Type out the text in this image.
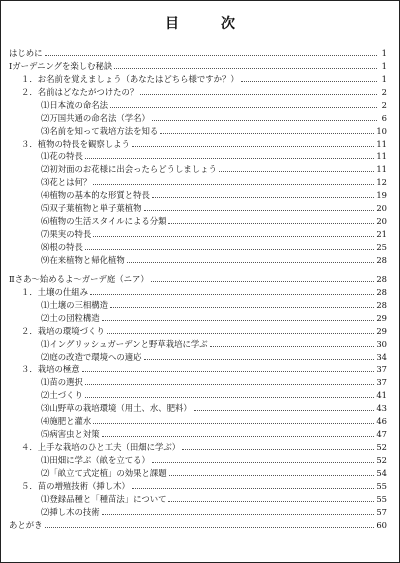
目　次
はじめに	1
Ⅰガーデニングを楽しむ秘訣	1
１．お名前を覚えましょう（あなたはどちら様ですか？）	1
２．名前はどなたがつけたの？	2
⑴日本流の命名法	2
⑵万国共通の命名法（学名）	6
⑶名前を知って栽培方法を知る	10
３．植物の特長を観察しよう	11
⑴花の特長	11
⑵初対面のお花様に出会ったらどうしましょう	11
⑶花とは何？	12
⑷植物の基本的な形質と特長	19
⑸双子葉植物と単子葉植物	20
⑹植物の生活スタイルによる分類	20
⑺果実の特長	21
⑻根の特長	25
⑼在来植物と帰化植物	28
Ⅱさあ～始めるよ～ガーデ庭（ニア）	28
１．土壌の仕組み	28
⑴土壌の三相構造	28
⑵土の団粒構造	29
２．栽培の環境づくり	29
⑴イングリッシュガーデンと野草栽培に学ぶ	30
⑵庭の改造で環境への適応	34
３．栽培の極意	37
⑴苗の選択	37
⑵土づくり	41
⑶山野草の栽培環境（用土、水、肥料）	43
⑷施肥と灌水	46
⑸病害虫と対策	47
４．上手な栽培のひと工夫（田畑に学ぶ）	52
⑴田畑に学ぶ（畝を立てる）	52
⑵「畝立て式定植」の効果と課題	54
５．苗の増殖技術（挿し木）	55
⑴登録品種と「種苗法」について	55
⑵挿し木の技術	57
あとがき	60
